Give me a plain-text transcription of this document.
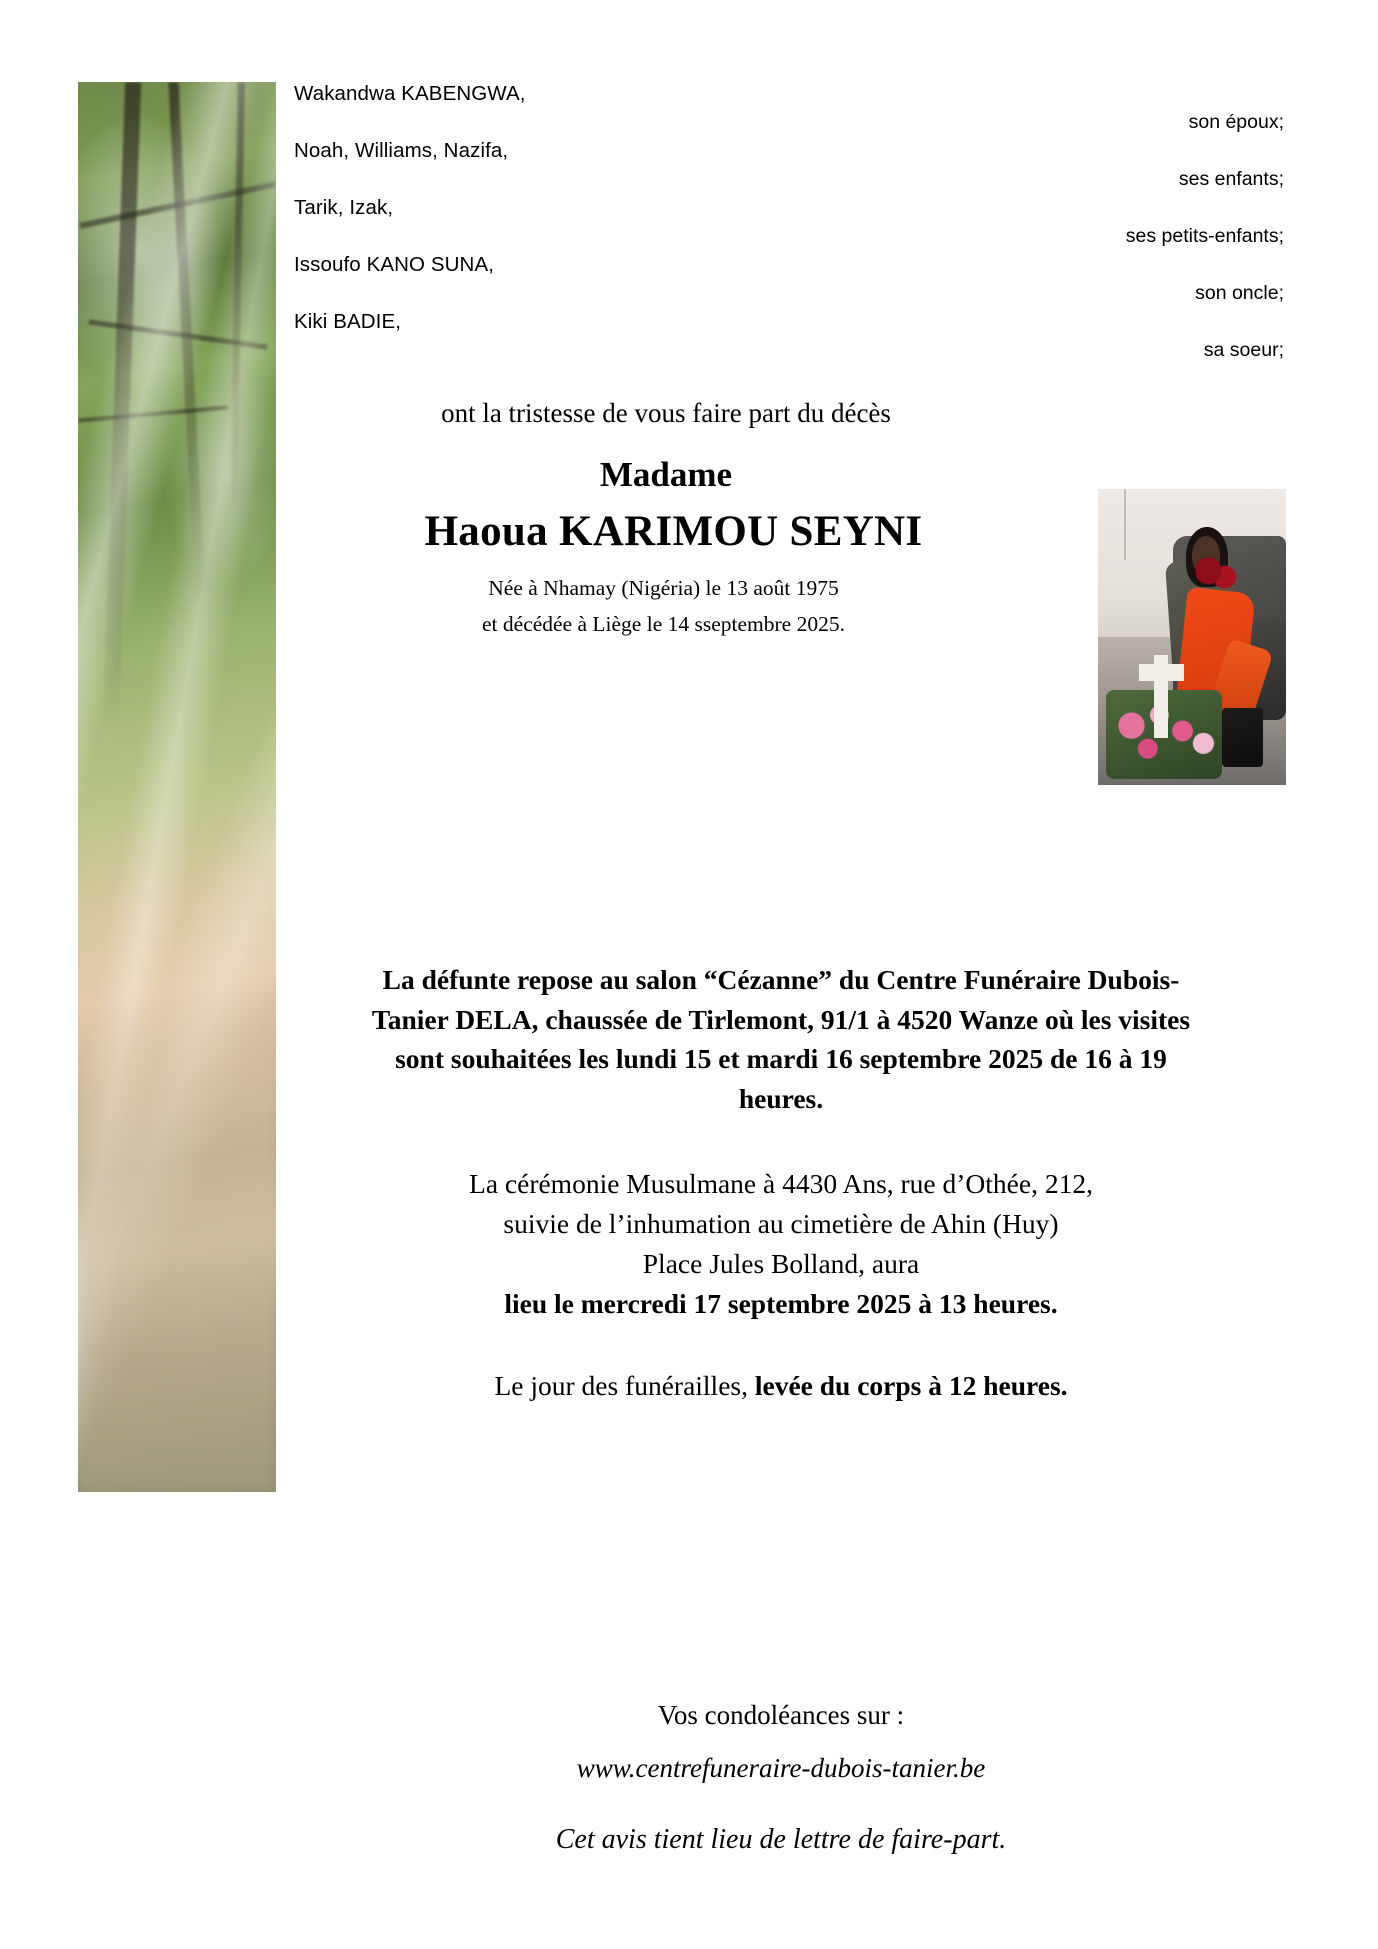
Wakandwa KABENGWA,
son époux;
Noah, Williams, Nazifa,
ses enfants;
Tarik, Izak,
ses petits-enfants;
Issoufo KANO SUNA,
son oncle;
Kiki BADIE,
sa soeur;
ont la tristesse de vous faire part du décès
Madame
Haoua KARIMOU SEYNI
Née à Nhamay (Nigéria) le 13 août 1975
et décédée à Liège le 14 sseptembre 2025.
La défunte repose au salon “Cézanne” du Centre Funéraire Dubois-Tanier DELA, chaussée de Tirlemont, 91/1 à 4520 Wanze où les visites sont souhaitées les lundi 15 et mardi 16 septembre 2025 de 16 à 19 heures.
La cérémonie Musulmane à 4430 Ans, rue d’Othée, 212,
suivie de l’inhumation au cimetière de Ahin (Huy)
Place Jules Bolland, aura
lieu le mercredi 17 septembre 2025 à 13 heures.
Le jour des funérailles, levée du corps à 12 heures.
Vos condoléances sur :
www.centrefuneraire-dubois-tanier.be
Cet avis tient lieu de lettre de faire-part.
